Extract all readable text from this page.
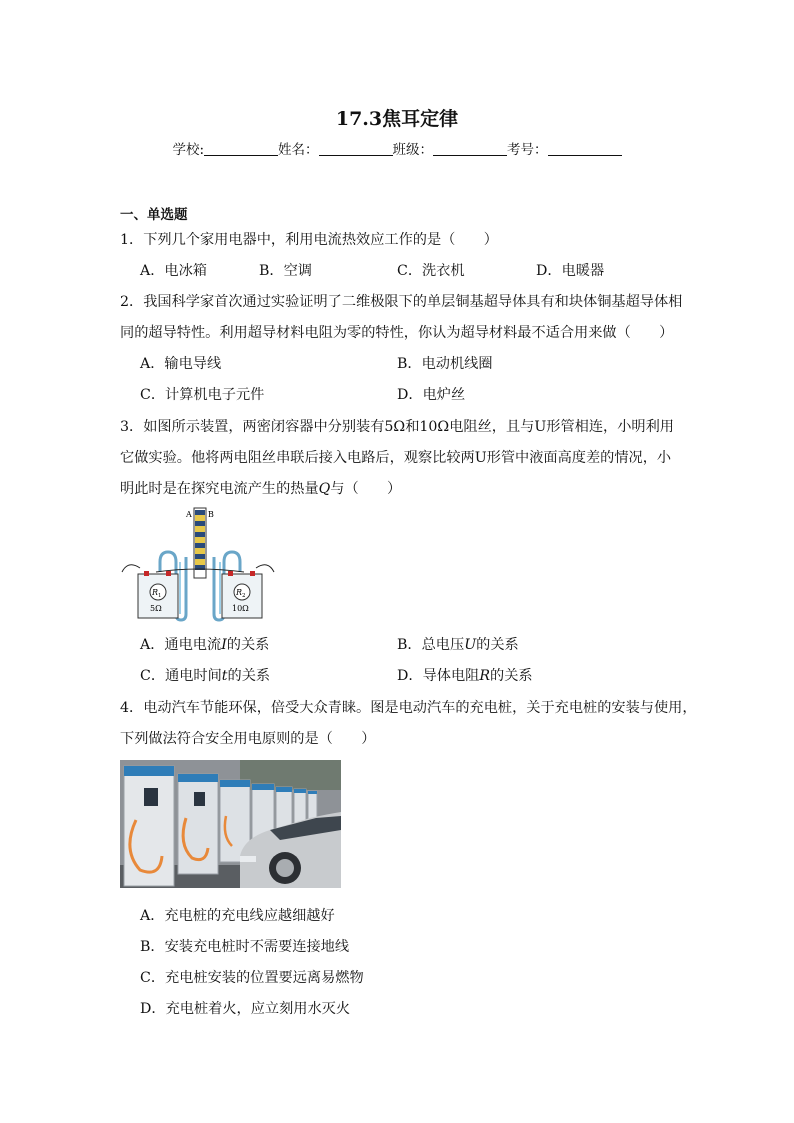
17.3焦耳定律
学校:	姓名：	班级：	考号：
一、单选题
1．下列几个家用电器中，利用电流热效应工作的是（　　）
A．电冰箱	B．空调	C．洗衣机	D．电暖器
2．我国科学家首次通过实验证明了二维极限下的单层铜基超导体具有和块体铜基超导体相
同的超导特性。利用超导材料电阻为零的特性，你认为超导材料最不适合用来做（　　）
A．输电导线	B．电动机线圈
C．计算机电子元件	D．电炉丝
3．如图所示装置，两密闭容器中分别装有5Ω和10Ω电阻丝，且与U形管相连，小明利用
它做实验。他将两电阻丝串联后接入电路后，观察比较两U形管中液面高度差的情况，小
明此时是在探究电流产生的热量Q与（　　）
A B
$R_1$
5Ω
$R_2$
10Ω
A．通电电流I的关系	B．总电压U的关系
C．通电时间t的关系	D．导体电阻R的关系
4．电动汽车节能环保，倍受大众青睐。图是电动汽车的充电桩，关于充电桩的安装与使用，
下列做法符合安全用电原则的是（　　）
A．充电桩的充电线应越细越好
B．安装充电桩时不需要连接地线
C．充电桩安装的位置要远离易燃物
D．充电桩着火，应立刻用水灭火
